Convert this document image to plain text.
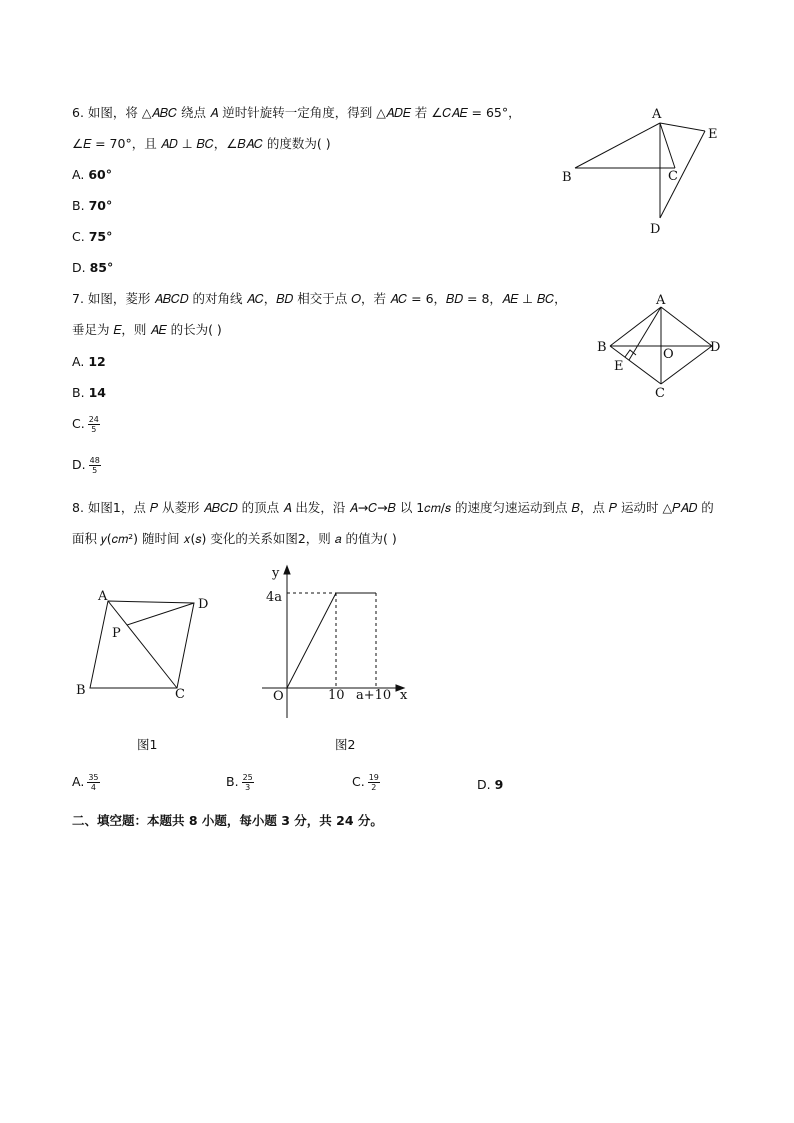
6. 如图，将 △𝐴𝐵𝐶 绕点 𝐴 逆时针旋转一定角度，得到 △𝐴𝐷𝐸 若 ∠𝐶𝐴𝐸 = 65°，
∠𝐸 = 70°，且 𝐴𝐷 ⊥ 𝐵𝐶，∠𝐵𝐴𝐶 的度数为( )
A. 60°
B. 70°
C. 75°
D. 85°
A
E
B	C
D
7. 如图，菱形 𝐴𝐵𝐶𝐷 的对角线 𝐴𝐶，𝐵𝐷 相交于点 𝑂，若 𝐴𝐶 = 6，𝐵𝐷 = 8，𝐴𝐸 ⊥ 𝐵𝐶，
垂足为 𝐸，则 𝐴𝐸 的长为( )
A. 12
B. 14
C. $\frac{24}{5}$
D. $\frac{48}{5}$
A
B	O	D
E
C
8. 如图1，点 𝑃 从菱形 𝐴𝐵𝐶𝐷 的顶点 𝐴 出发，沿 𝐴→𝐶→𝐵 以 1𝑐𝑚/𝑠 的速度匀速运动到点 𝐵，点 𝑃 运动时 △𝑃𝐴𝐷 的
面积 𝑦(𝑐𝑚²) 随时间 𝑥(𝑠) 变化的关系如图2，则 𝑎 的值为( )
A
D
P
B	C
图1
y
4a
O	10 a+10 x
图2
A. $\frac{35}{4}$	B. $\frac{25}{3}$	C. $\frac{19}{2}$	D. 9
二、填空题：本题共 8 小题，每小题 3 分，共 24 分。
